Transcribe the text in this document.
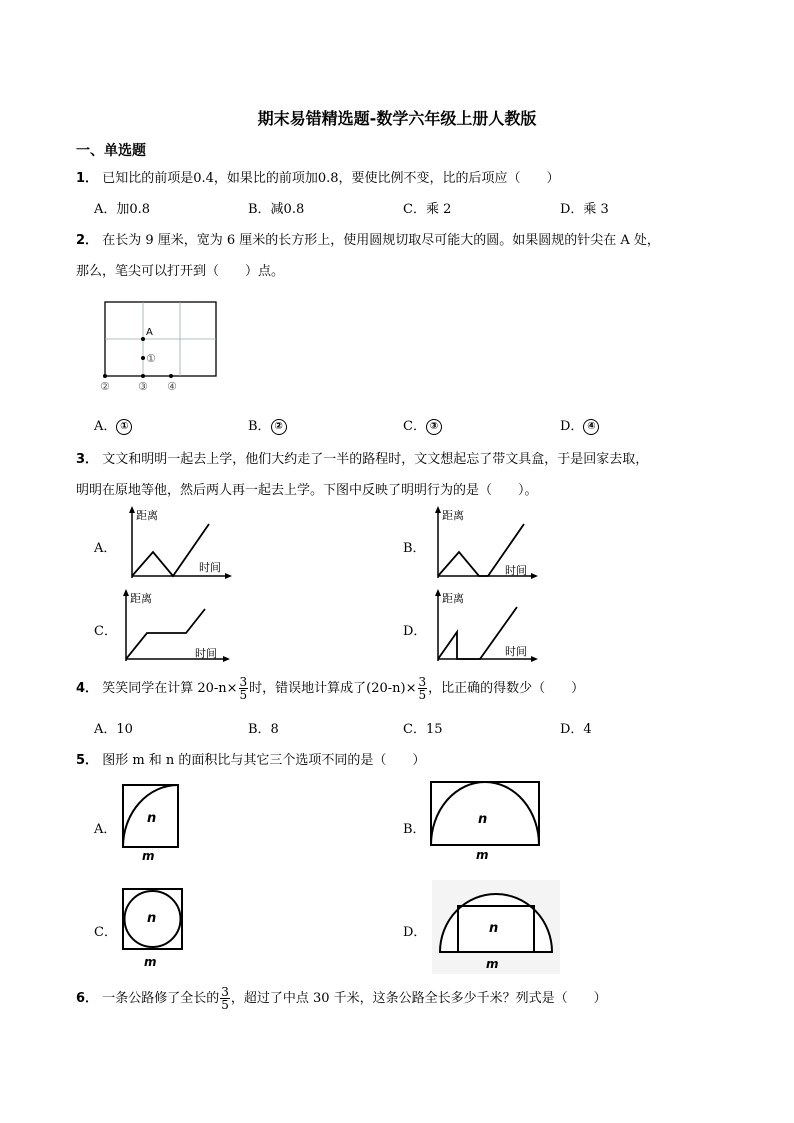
期末易错精选题-数学六年级上册人教版
一、单选题
1． 已知比的前项是0.4，如果比的前项加0.8，要使比例不变，比的后项应（　　）
A．加0.8	B．减0.8	C．乘 2	D．乘 3
2． 在长为 9 厘米，宽为 6 厘米的长方形上，使用圆规切取尽可能大的圆。如果圆规的针尖在 A 处，
那么，笔尖可以打开到（　　）点。
A
①
②	③ ④
A． ①	B． ②	C． ③	D． ④
3． 文文和明明一起去上学，他们大约走了一半的路程时，文文想起忘了带文具盒，于是回家去取，
明明在原地等他，然后两人再一起去上学。下图中反映了明明行为的是（　　）。
A．
距离
时间
B．
距离
时间
C．
距离
时间
D．
距离
时间
4． 笑笑同学在计算 $20-n\times \frac{3}{5}$ 时，错误地计算成了$(20-n)\times \frac{3}{5}$ ，比正确的得数少（　　）
A．10	B．8	C．15	D．4
5． 图形 m 和 n 的面积比与其它三个选项不同的是（　　）
A．
n
m
B．
n
m
C．
n
m
D．	n
m
6． 一条公路修了全长的 $\frac{3}{5}$ ，超过了中点 30 千米，这条公路全长多少千米？列式是（　　）
